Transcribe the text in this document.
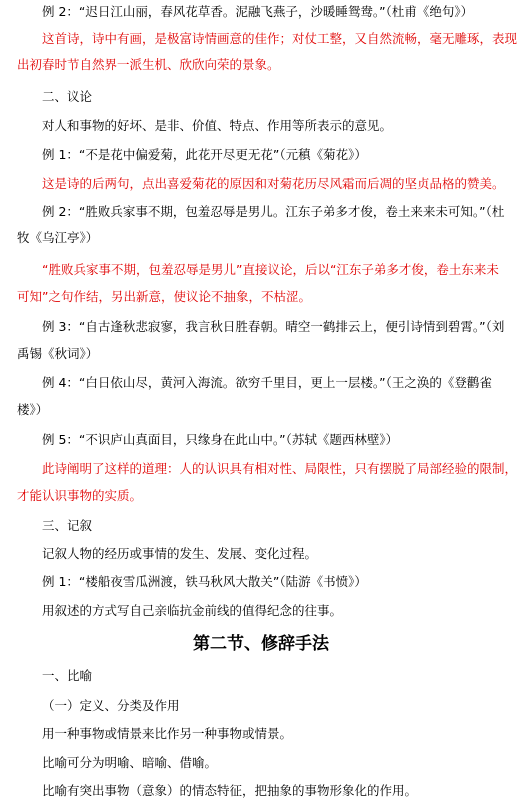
例 2：“迟日江山丽，春风花草香。泥融飞燕子，沙暖睡鸳鸯。”（杜甫《绝句》）
这首诗，诗中有画，是极富诗情画意的佳作；对仗工整，又自然流畅，毫无雕琢，表现
出初春时节自然界一派生机、欣欣向荣的景象。
二、议论
对人和事物的好坏、是非、价值、特点、作用等所表示的意见。
例 1：“不是花中偏爱菊，此花开尽更无花”（元稹《菊花》）
这是诗的后两句，点出喜爱菊花的原因和对菊花历尽风霜而后凋的坚贞品格的赞美。
例 2：“胜败兵家事不期，包羞忍辱是男儿。江东子弟多才俊，卷土来来未可知。”（杜
牧《乌江亭》）
“胜败兵家事不期，包羞忍辱是男儿”直接议论，后以“江东子弟多才俊，卷土东来未
可知”之句作结，另出新意，使议论不抽象，不枯涩。
例 3：“自古逢秋悲寂寥，我言秋日胜春朝。晴空一鹤排云上，便引诗情到碧霄。”（刘
禹锡《秋词》）
例 4：“白日依山尽，黄河入海流。欲穷千里目，更上一层楼。”（王之涣的《登鹳雀
楼》）
例 5：“不识庐山真面目，只缘身在此山中。”（苏轼《题西林壁》）
此诗阐明了这样的道理：人的认识具有相对性、局限性，只有摆脱了局部经验的限制，
才能认识事物的实质。
三、记叙
记叙人物的经历或事情的发生、发展、变化过程。
例 1：“楼船夜雪瓜洲渡，铁马秋风大散关”（陆游《书愤》）
用叙述的方式写自己亲临抗金前线的值得纪念的往事。
第二节、修辞手法
一、比喻
（一）定义、分类及作用
用一种事物或情景来比作另一种事物或情景。
比喻可分为明喻、暗喻、借喻。
比喻有突出事物（意象）的情态特征，把抽象的事物形象化的作用。
